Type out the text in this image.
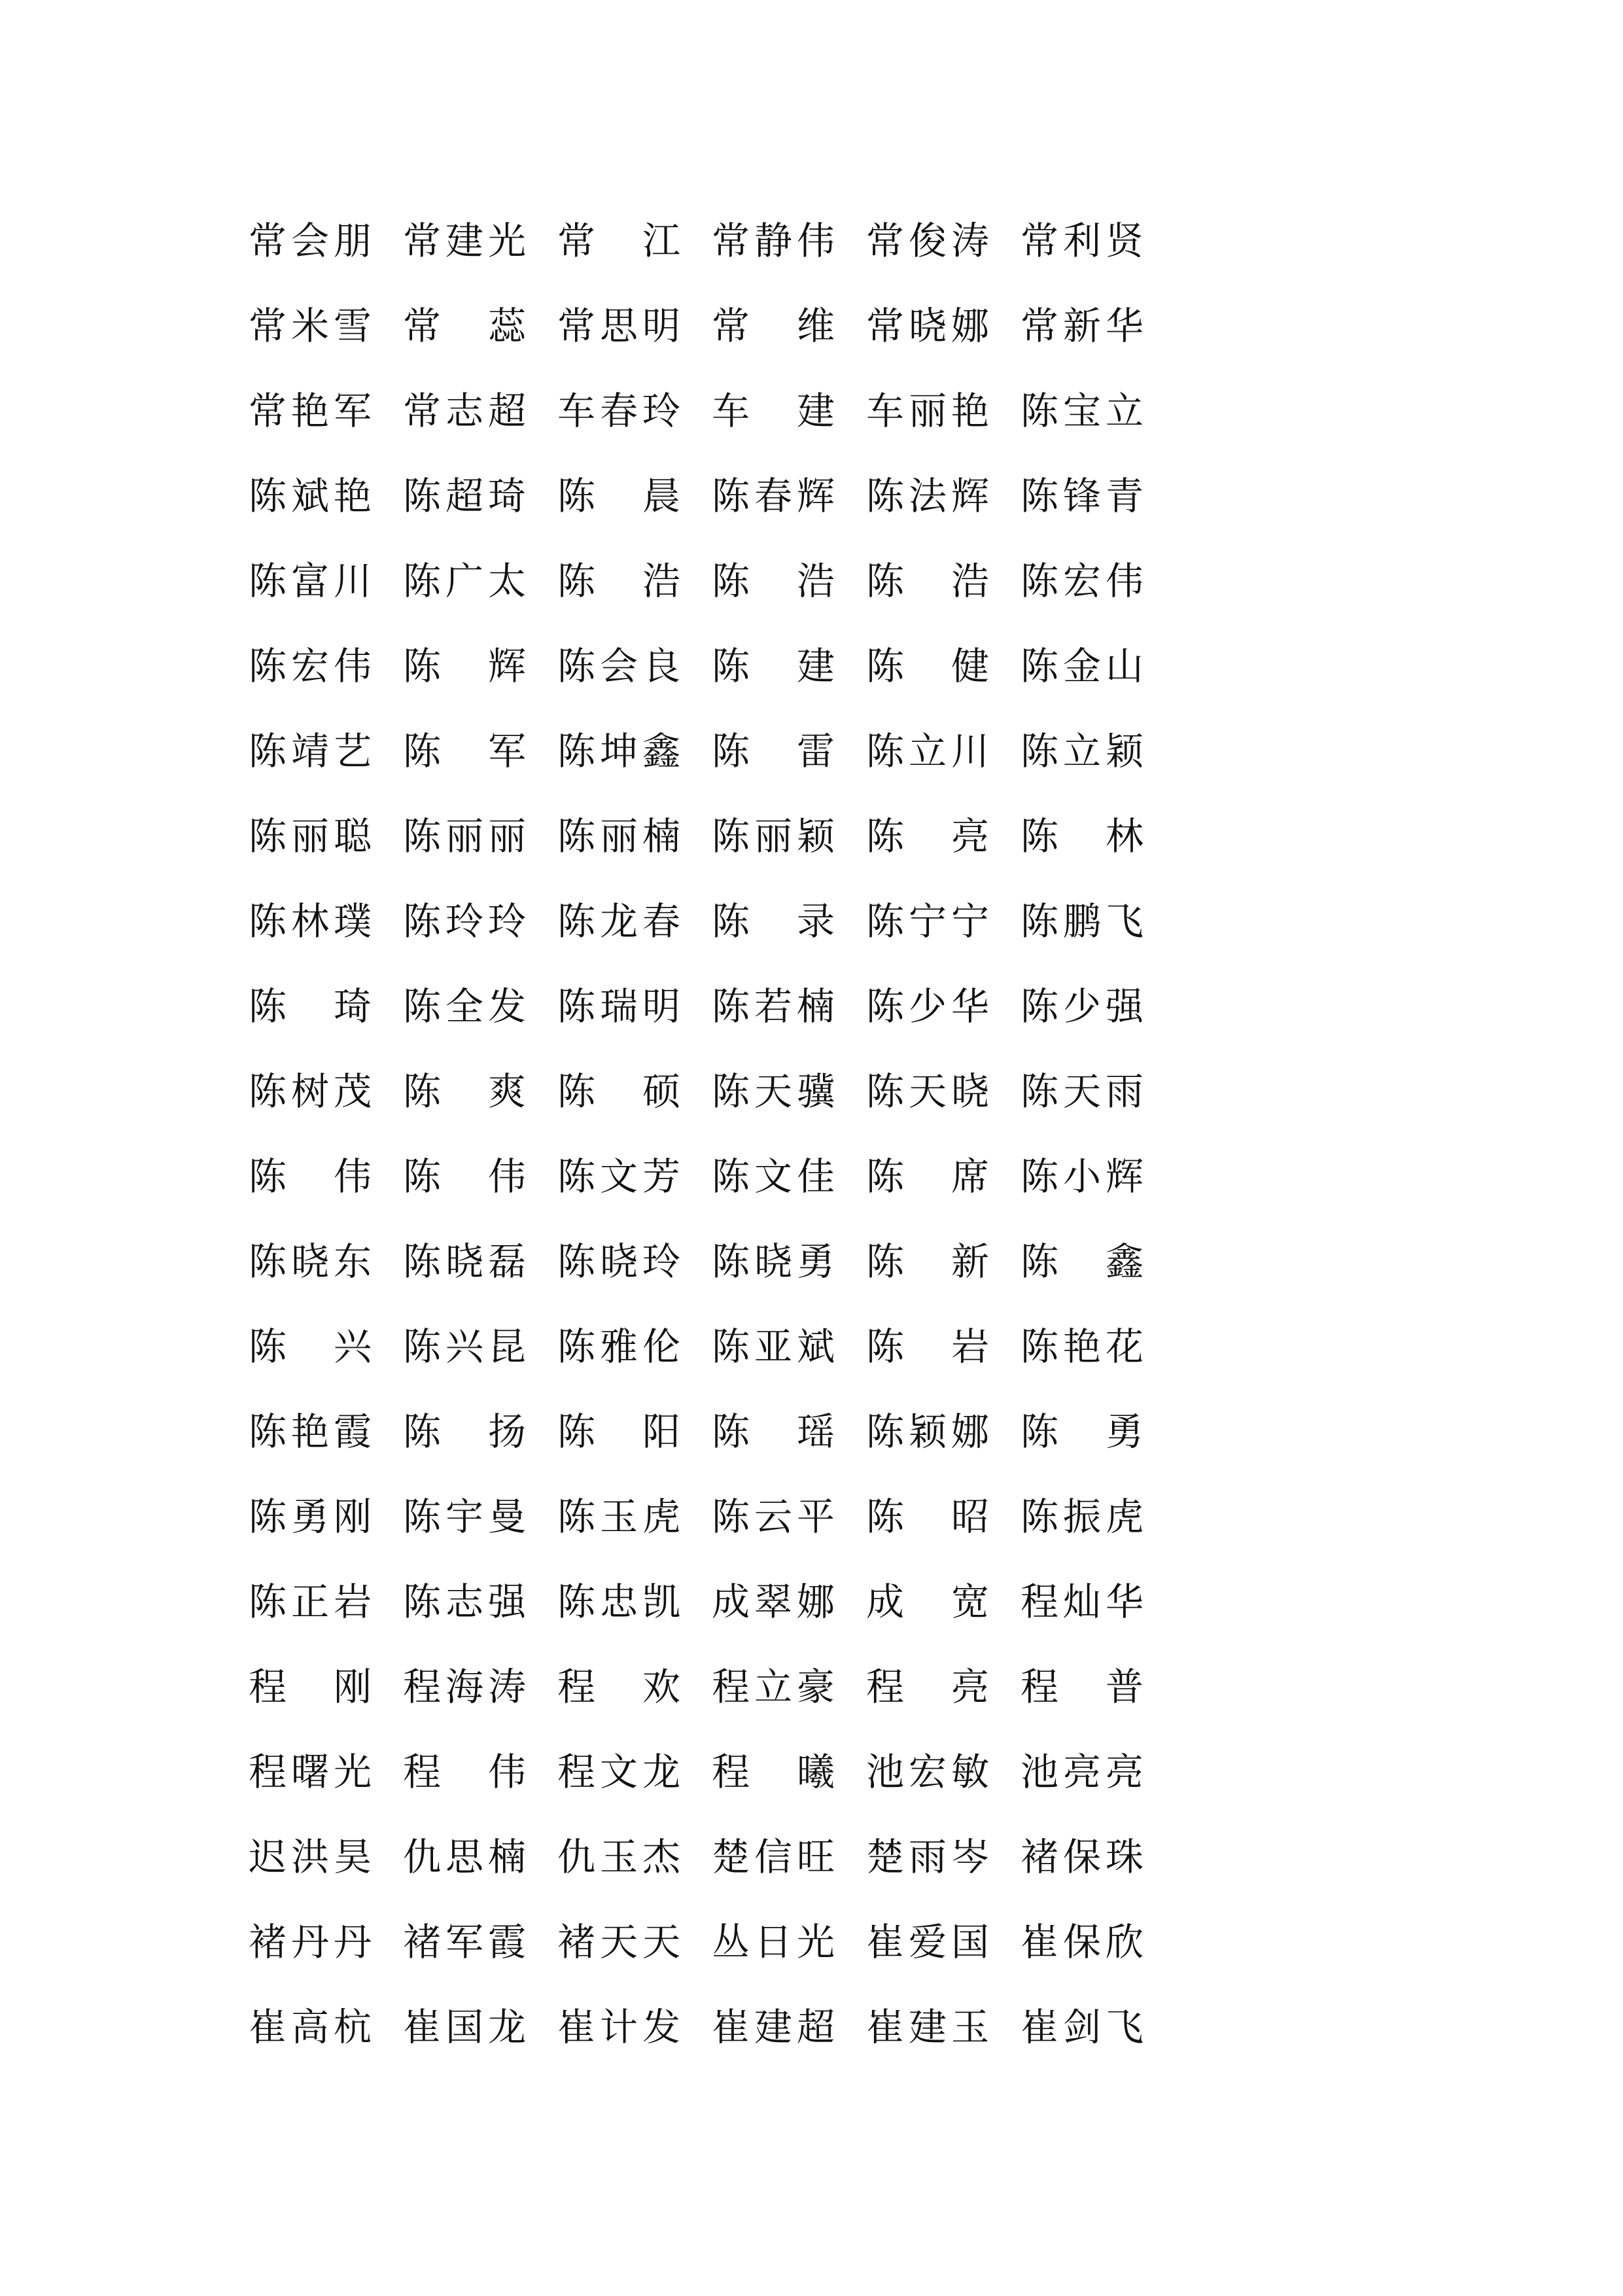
常 会 朋 常 建 光 常 江 常 静 伟 常 俊 涛 常 利 贤
常 米 雪 常 蕊 常 思 明 常 维 常 晓 娜 常 新 华
常 艳 军 常 志 超 车 春 玲 车 建 车 丽 艳 陈 宝 立
陈 斌 艳 陈 超 琦 陈 晨 陈 春 辉 陈 法 辉 陈 锋 青
陈 富 川 陈 广 太 陈 浩 陈 浩 陈 浩 陈 宏 伟
陈 宏 伟 陈 辉 陈 会 良 陈 建 陈 健 陈 金 山
陈 靖 艺 陈 军 陈 坤 鑫 陈 雷 陈 立 川 陈 立 颖
陈 丽 聪 陈 丽 丽 陈 丽 楠 陈 丽 颖 陈 亮 陈 林
陈 林 璞 陈 玲 玲 陈 龙 春 陈 录 陈 宁 宁 陈 鹏 飞
陈 琦 陈 全 发 陈 瑞 明 陈 若 楠 陈 少 华 陈 少 强
陈 树 茂 陈 爽 陈 硕 陈 天 骥 陈 天 晓 陈 天 雨
陈 伟 陈 伟 陈 文 芳 陈 文 佳 陈 席 陈 小 辉
陈 晓 东 陈 晓 磊 陈 晓 玲 陈 晓 勇 陈 新 陈 鑫
陈 兴 陈 兴 昆 陈 雅 伦 陈 亚 斌 陈 岩 陈 艳 花
陈 艳 霞 陈 扬 陈 阳 陈 瑶 陈 颖 娜 陈 勇
陈 勇 刚 陈 宇 曼 陈 玉 虎 陈 云 平 陈 昭 陈 振 虎
陈 正 岩 陈 志 强 陈 忠 凯 成 翠 娜 成 宽 程 灿 华
程 刚 程 海 涛 程 欢 程 立 豪 程 亮 程 普
程 曙 光 程 伟 程 文 龙 程 曦 池 宏 敏 池 亮 亮
迟 洪 昊 仇 思 楠 仇 玉 杰 楚 信 旺 楚 雨 岑 褚 保 珠
褚 丹 丹 褚 军 霞 褚 天 天 丛 日 光 崔 爱 国 崔 保 欣
崔 高 杭 崔 国 龙 崔 计 发 崔 建 超 崔 建 玉 崔 剑 飞
